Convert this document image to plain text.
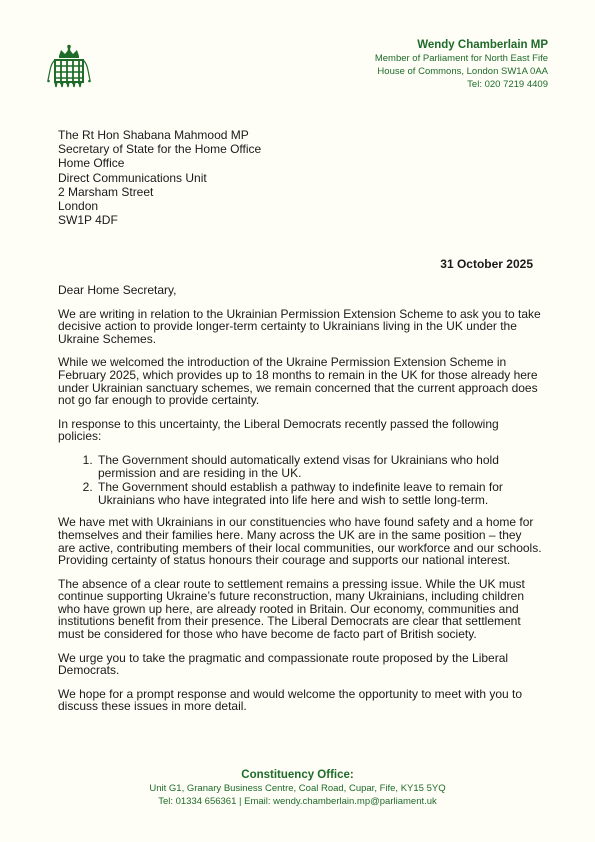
Wendy Chamberlain MP
Member of Parliament for North East Fife
House of Commons, London SW1A 0AA
Tel: 020 7219 4409
The Rt Hon Shabana Mahmood MP
Secretary of State for the Home Office
Home Office
Direct Communications Unit
2 Marsham Street
London
SW1P 4DF
31 October 2025

Dear Home Secretary,

We are writing in relation to the Ukrainian Permission Extension Scheme to ask you to take decisive action to provide longer-term certainty to Ukrainians living in the UK under the Ukraine Schemes.

While we welcomed the introduction of the Ukraine Permission Extension Scheme in February 2025, which provides up to 18 months to remain in the UK for those already here under Ukrainian sanctuary schemes, we remain concerned that the current approach does not go far enough to provide certainty.

In response to this uncertainty, the Liberal Democrats recently passed the following policies:

1. The Government should automatically extend visas for Ukrainians who hold permission and are residing in the UK.
2. The Government should establish a pathway to indefinite leave to remain for Ukrainians who have integrated into life here and wish to settle long-term.

We have met with Ukrainians in our constituencies who have found safety and a home for themselves and their families here. Many across the UK are in the same position – they are active, contributing members of their local communities, our workforce and our schools. Providing certainty of status honours their courage and supports our national interest.

The absence of a clear route to settlement remains a pressing issue. While the UK must continue supporting Ukraine’s future reconstruction, many Ukrainians, including children who have grown up here, are already rooted in Britain. Our economy, communities and institutions benefit from their presence. The Liberal Democrats are clear that settlement must be considered for those who have become de facto part of British society.

We urge you to take the pragmatic and compassionate route proposed by the Liberal Democrats.

We hope for a prompt response and would welcome the opportunity to meet with you to discuss these issues in more detail.

Constituency Office:
Unit G1, Granary Business Centre, Coal Road, Cupar, Fife, KY15 5YQ
Tel: 01334 656361 | Email: wendy.chamberlain.mp@parliament.uk
